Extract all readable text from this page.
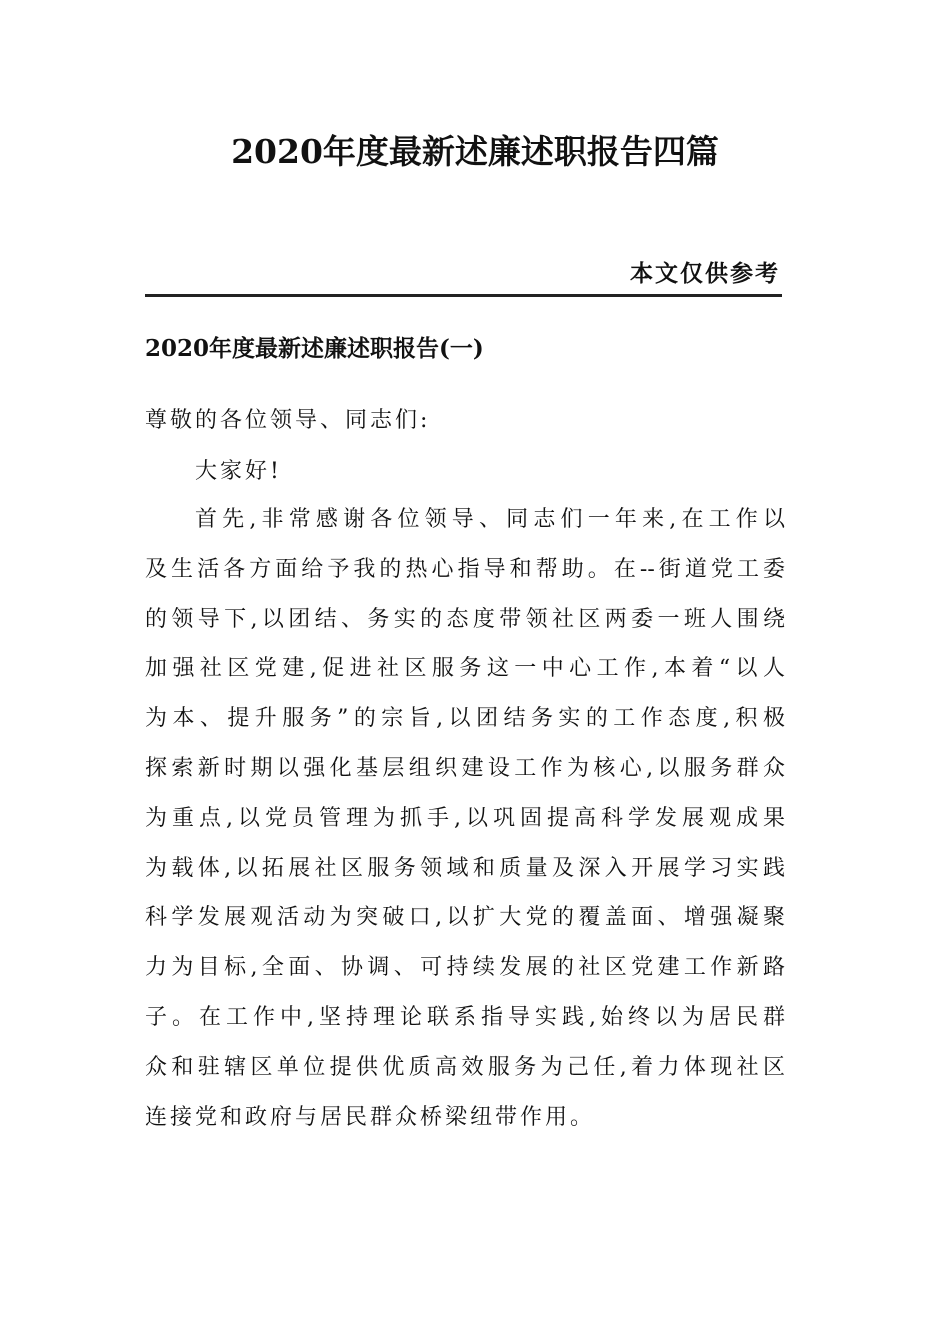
2020年度最新述廉述职报告四篇
本文仅供参考
2020年度最新述廉述职报告(一)
尊敬的各位领导、同志们:
大家好!
首先,非常感谢各位领导、同志们一年来,在工作以
及生活各方面给予我的热心指导和帮助。在--街道党工委
的领导下,以团结、务实的态度带领社区两委一班人围绕
加强社区党建,促进社区服务这一中心工作,本着“以人
为本、提升服务”的宗旨,以团结务实的工作态度,积极
探索新时期以强化基层组织建设工作为核心,以服务群众
为重点,以党员管理为抓手,以巩固提高科学发展观成果
为载体,以拓展社区服务领域和质量及深入开展学习实践
科学发展观活动为突破口,以扩大党的覆盖面、增强凝聚
力为目标,全面、协调、可持续发展的社区党建工作新路
子。在工作中,坚持理论联系指导实践,始终以为居民群
众和驻辖区单位提供优质高效服务为己任,着力体现社区
连接党和政府与居民群众桥梁纽带作用。
